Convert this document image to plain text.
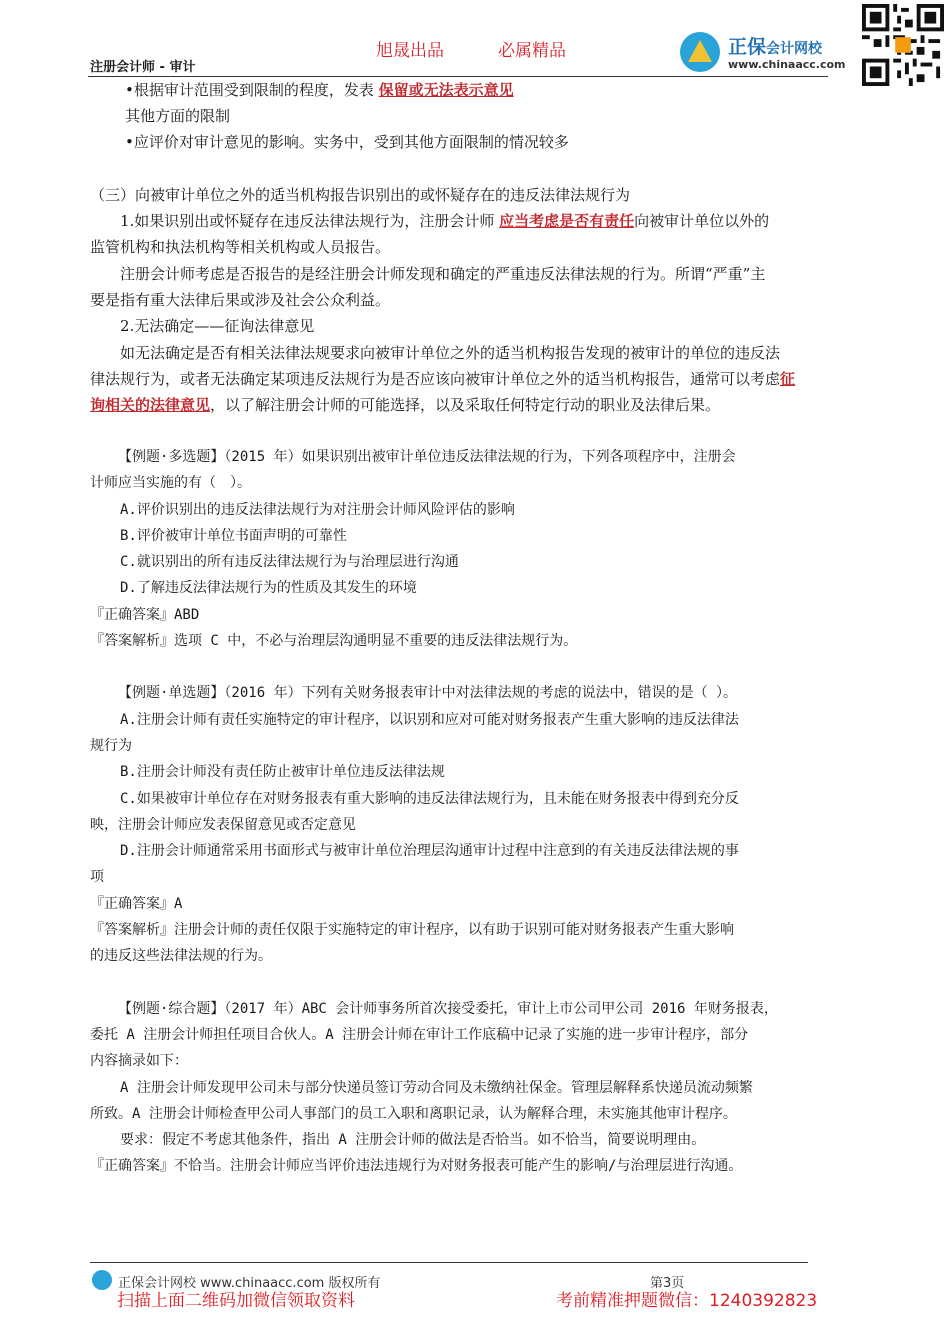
注册会计师 - 审计
旭晟出品	必属精品	正保会计网校
www.chinaacc.com
•根据审计范围受到限制的程度，发表 保留或无法表示意见
其他方面的限制
•应评价对审计意见的影响。实务中，受到其他方面限制的情况较多
（三）向被审计单位之外的适当机构报告识别出的或怀疑存在的违反法律法规行为
1.如果识别出或怀疑存在违反法律法规行为，注册会计师 应当考虑是否有责任向被审计单位以外的
监管机构和执法机构等相关机构或人员报告。
注册会计师考虑是否报告的是经注册会计师发现和确定的严重违反法律法规的行为。所谓“严重”主
要是指有重大法律后果或涉及社会公众利益。
2.无法确定——征询法律意见
如无法确定是否有相关法律法规要求向被审计单位之外的适当机构报告发现的被审计的单位的违反法
律法规行为，或者无法确定某项违反法规行为是否应该向被审计单位之外的适当机构报告，通常可以考虑征
询相关的法律意见，以了解注册会计师的可能选择，以及采取任何特定行动的职业及法律后果。
【例题·多选题】（2015 年）如果识别出被审计单位违反法律法规的行为，下列各项程序中，注册会
计师应当实施的有（　）。
A.评价识别出的违反法律法规行为对注册会计师风险评估的影响
B.评价被审计单位书面声明的可靠性
C.就识别出的所有违反法律法规行为与治理层进行沟通
D.了解违反法律法规行为的性质及其发生的环境
『正确答案』ABD
『答案解析』选项 C 中，不必与治理层沟通明显不重要的违反法律法规行为。
【例题·单选题】（2016 年）下列有关财务报表审计中对法律法规的考虑的说法中，错误的是（ ）。
A.注册会计师有责任实施特定的审计程序，以识别和应对可能对财务报表产生重大影响的违反法律法
规行为
B.注册会计师没有责任防止被审计单位违反法律法规
C.如果被审计单位存在对财务报表有重大影响的违反法律法规行为，且未能在财务报表中得到充分反
映，注册会计师应发表保留意见或否定意见
D.注册会计师通常采用书面形式与被审计单位治理层沟通审计过程中注意到的有关违反法律法规的事
项
『正确答案』A
『答案解析』注册会计师的责任仅限于实施特定的审计程序，以有助于识别可能对财务报表产生重大影响
的违反这些法律法规的行为。
【例题·综合题】（2017 年）ABC 会计师事务所首次接受委托，审计上市公司甲公司 2016 年财务报表，
委托 A 注册会计师担任项目合伙人。A 注册会计师在审计工作底稿中记录了实施的进一步审计程序，部分
内容摘录如下：
A 注册会计师发现甲公司未与部分快递员签订劳动合同及未缴纳社保金。管理层解释系快递员流动频繁
所致。A 注册会计师检查甲公司人事部门的员工入职和离职记录，认为解释合理，未实施其他审计程序。
要求：假定不考虑其他条件，指出 A 注册会计师的做法是否恰当。如不恰当，简要说明理由。
『正确答案』不恰当。注册会计师应当评价违法违规行为对财务报表可能产生的影响/与治理层进行沟通。
正保会计网校 www.chinaacc.com 版权所有	第3页
扫描上面二维码加微信领取资料	考前精准押题微信：1240392823
